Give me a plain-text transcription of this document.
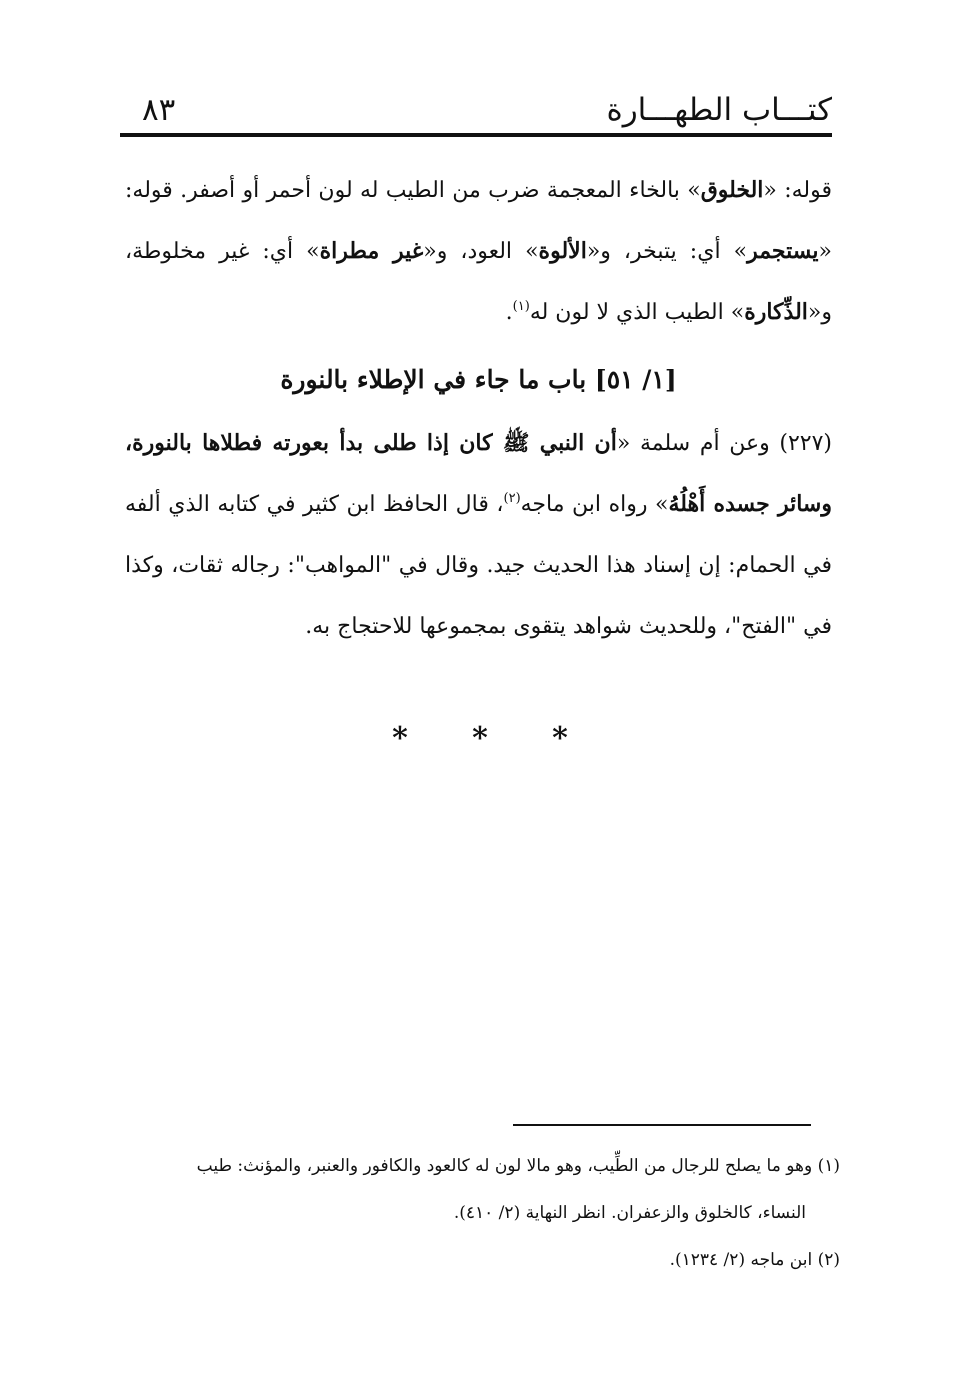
كتـــاب الطهـــارة
٨٣

قوله: «الخلوق» بالخاء المعجمة ضرب من الطيب له لون أحمر أو أصفر. قوله: «يستجمر» أي: يتبخر، و«الألوة» العود، و«غير مطراة» أي: غير مخلوطة، و«الذِّكارة» الطيب الذي لا لون له$^{(١)}$.

[١/ ٥١] باب ما جاء في الإطلاء بالنورة

(٢٢٧) وعن أم سلمة «أن النبي ﷺ كان إذا طلى بدأ بعورته فطلاها بالنورة، وسائر جسده أَهْلُهُ» رواه ابن ماجه$^{(٢)}$، قال الحافظ ابن كثير في كتابه الذي ألفه في الحمام: إن إسناد هذا الحديث جيد. وقال في "المواهب": رجاله ثقات، وكذا في "الفتح"، وللحديث شواهد يتقوى بمجموعها للاحتجاج به.

*	*	*

(١) وهو ما يصلح للرجال من الطِّيب، وهو مالا لون له كالعود والكافور والعنبر، والمؤنث: طيب

النساء، كالخلوق والزعفران. انظر النهاية (٢/ ٤١٠).

(٢) ابن ماجه (٢/ ١٢٣٤).
